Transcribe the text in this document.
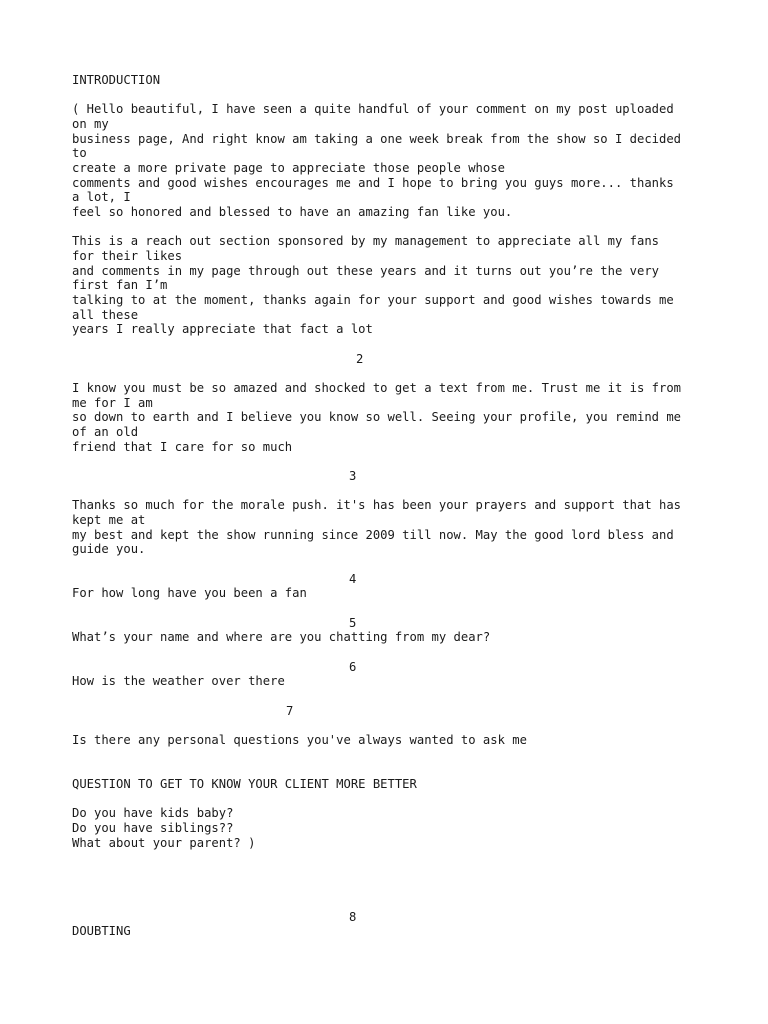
INTRODUCTION

( Hello beautiful, I have seen a quite handful of your comment on my post uploaded

on my

business page, And right know am taking a one week break from the show so I decided

to

create a more private page to appreciate those people whose

comments and good wishes encourages me and I hope to bring you guys more... thanks

a lot, I

feel so honored and blessed to have an amazing fan like you.

This is a reach out section sponsored by my management to appreciate all my fans

for their likes

and comments in my page through out these years and it turns out you’re the very

first fan I’m

talking to at the moment, thanks again for your support and good wishes towards me

all these

years I really appreciate that fact a lot

2

I know you must be so amazed and shocked to get a text from me. Trust me it is from

me for I am

so down to earth and I believe you know so well. Seeing your profile, you remind me

of an old

friend that I care for so much

3

Thanks so much for the morale push. it's has been your prayers and support that has

kept me at

my best and kept the show running since 2009 till now. May the good lord bless and

guide you.

4

For how long have you been a fan

5

What’s your name and where are you chatting from my dear?

6

How is the weather over there

7

Is there any personal questions you've always wanted to ask me

QUESTION TO GET TO KNOW YOUR CLIENT MORE BETTER

Do you have kids baby?

Do you have siblings??

What about your parent? )

8

DOUBTING
